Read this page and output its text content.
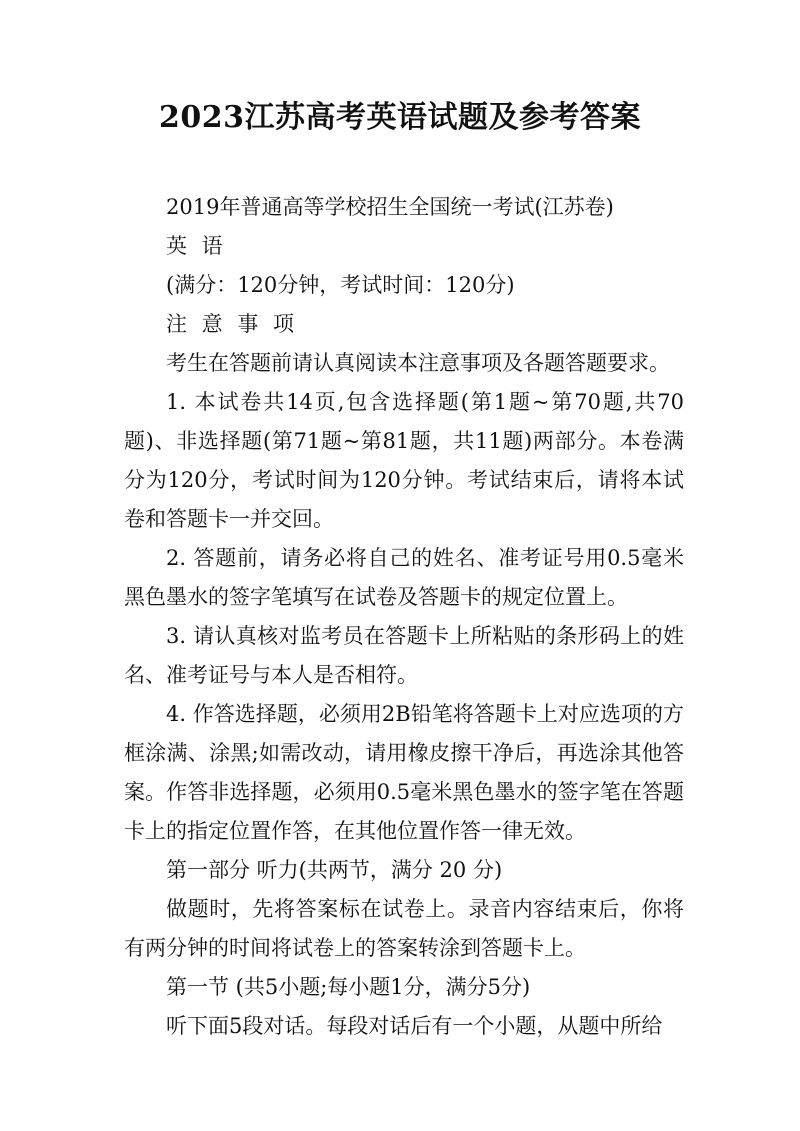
2023江苏高考英语试题及参考答案

2019年普通高等学校招生全国统一考试(江苏卷)

英 语

(满分：120分钟，考试时间：120分)

注 意 事 项

考生在答题前请认真阅读本注意事项及各题答题要求。

1. 本试卷共14页,包含选择题(第1题~第70题,共70题)、非选择题(第71题~第81题，共11题)两部分。本卷满分为120分，考试时间为120分钟。考试结束后，请将本试卷和答题卡一并交回。

2. 答题前，请务必将自己的姓名、准考证号用0.5毫米黑色墨水的签字笔填写在试卷及答题卡的规定位置上。

3. 请认真核对监考员在答题卡上所粘贴的条形码上的姓名、准考证号与本人是否相符。

4. 作答选择题，必须用2B铅笔将答题卡上对应选项的方框涂满、涂黑;如需改动，请用橡皮擦干净后，再选涂其他答案。作答非选择题，必须用0.5毫米黑色墨水的签字笔在答题卡上的指定位置作答，在其他位置作答一律无效。

第一部分 听力(共两节，满分 20 分)

做题时，先将答案标在试卷上。录音内容结束后，你将有两分钟的时间将试卷上的答案转涂到答题卡上。

第一节 (共5小题;每小题1分，满分5分)

听下面5段对话。每段对话后有一个小题，从题中所给
